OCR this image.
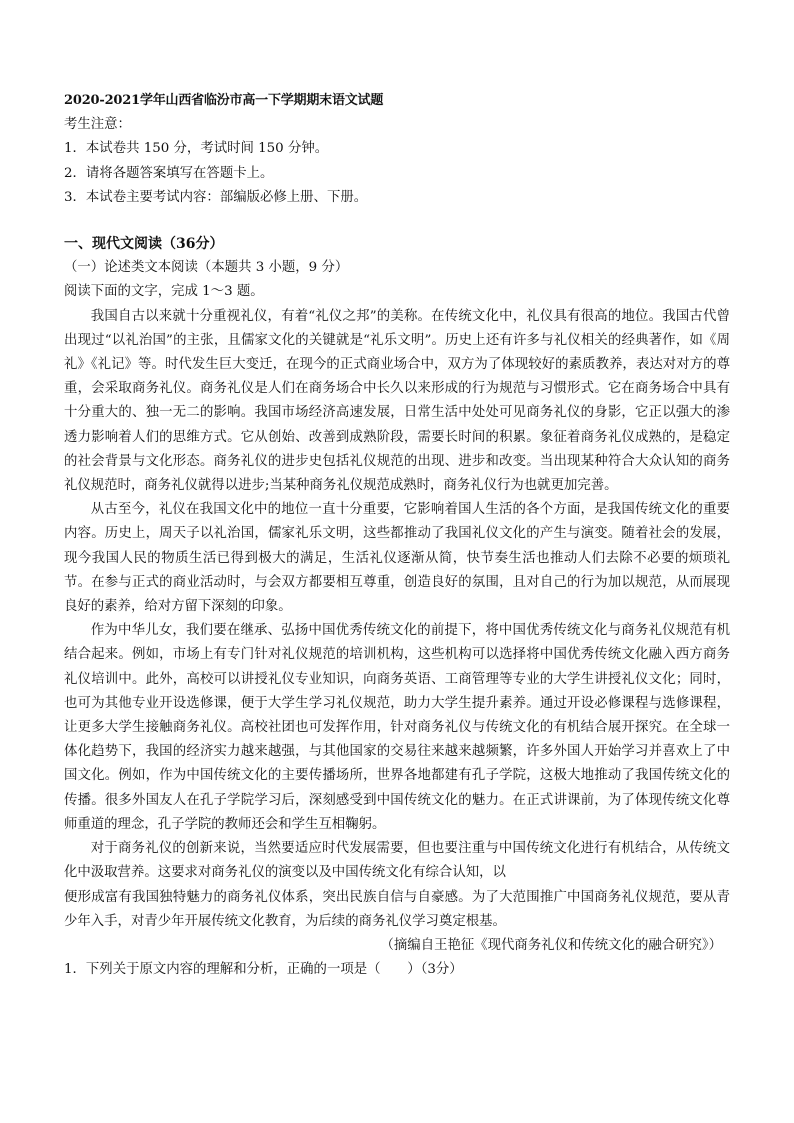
2020-2021学年山西省临汾市高一下学期期末语文试题
考生注意：
1．本试卷共 150 分，考试时间 150 分钟。
2．请将各题答案填写在答题卡上。
3．本试卷主要考试内容：部编版必修上册、下册。
一、现代文阅读（36分）
（一）论述类文本阅读（本题共 3 小题，9 分）
阅读下面的文字，完成 1～3 题。

我国自古以来就十分重视礼仪，有着“礼仪之邦”的美称。在传统文化中，礼仪具有很高的地位。我国古代曾出现过“以礼治国”的主张，且儒家文化的关键就是“礼乐文明”。历史上还有许多与礼仪相关的经典著作，如《周礼》《礼记》等。时代发生巨大变迁，在现今的正式商业场合中，双方为了体现较好的素质教养，表达对对方的尊重，会采取商务礼仪。商务礼仪是人们在商务场合中长久以来形成的行为规范与习惯形式。它在商务场合中具有十分重大的、独一无二的影响。我国市场经济高速发展，日常生活中处处可见商务礼仪的身影，它正以强大的渗透力影响着人们的思维方式。它从创始、改善到成熟阶段，需要长时间的积累。象征着商务礼仪成熟的，是稳定的社会背景与文化形态。商务礼仪的进步史包括礼仪规范的出现、进步和改变。当出现某种符合大众认知的商务礼仪规范时，商务礼仪就得以进步;当某种商务礼仪规范成熟时，商务礼仪行为也就更加完善。

从古至今，礼仪在我国文化中的地位一直十分重要，它影响着国人生活的各个方面，是我国传统文化的重要内容。历史上，周天子以礼治国，儒家礼乐文明，这些都推动了我国礼仪文化的产生与演变。随着社会的发展，现今我国人民的物质生活已得到极大的满足，生活礼仪逐渐从简，快节奏生活也推动人们去除不必要的烦琐礼节。在参与正式的商业活动时，与会双方都要相互尊重，创造良好的氛围，且对自己的行为加以规范，从而展现良好的素养，给对方留下深刻的印象。

作为中华儿女，我们要在继承、弘扬中国优秀传统文化的前提下，将中国优秀传统文化与商务礼仪规范有机结合起来。例如，市场上有专门针对礼仪规范的培训机构，这些机构可以选择将中国优秀传统文化融入西方商务礼仪培训中。此外，高校可以讲授礼仪专业知识，向商务英语、工商管理等专业的大学生讲授礼仪文化；同时，也可为其他专业开设选修课，便于大学生学习礼仪规范，助力大学生提升素养。通过开设必修课程与选修课程，让更多大学生接触商务礼仪。高校社团也可发挥作用，针对商务礼仪与传统文化的有机结合展开探究。在全球一体化趋势下，我国的经济实力越来越强，与其他国家的交易往来越来越频繁，许多外国人开始学习并喜欢上了中国文化。例如，作为中国传统文化的主要传播场所，世界各地都建有孔子学院，这极大地推动了我国传统文化的传播。很多外国友人在孔子学院学习后，深刻感受到中国传统文化的魅力。在正式讲课前，为了体现传统文化尊师重道的理念，孔子学院的教师还会和学生互相鞠躬。

对于商务礼仪的创新来说，当然要适应时代发展需要，但也要注重与中国传统文化进行有机结合，从传统文化中汲取营养。这要求对商务礼仪的演变以及中国传统文化有综合认知，以

便形成富有我国独特魅力的商务礼仪体系，突出民族自信与自豪感。为了大范围推广中国商务礼仪规范，要从青少年入手，对青少年开展传统文化教育，为后续的商务礼仪学习奠定根基。

（摘编自王艳征《现代商务礼仪和传统文化的融合研究》）
1．下列关于原文内容的理解和分析，正确的一项是（　　）（3分）
